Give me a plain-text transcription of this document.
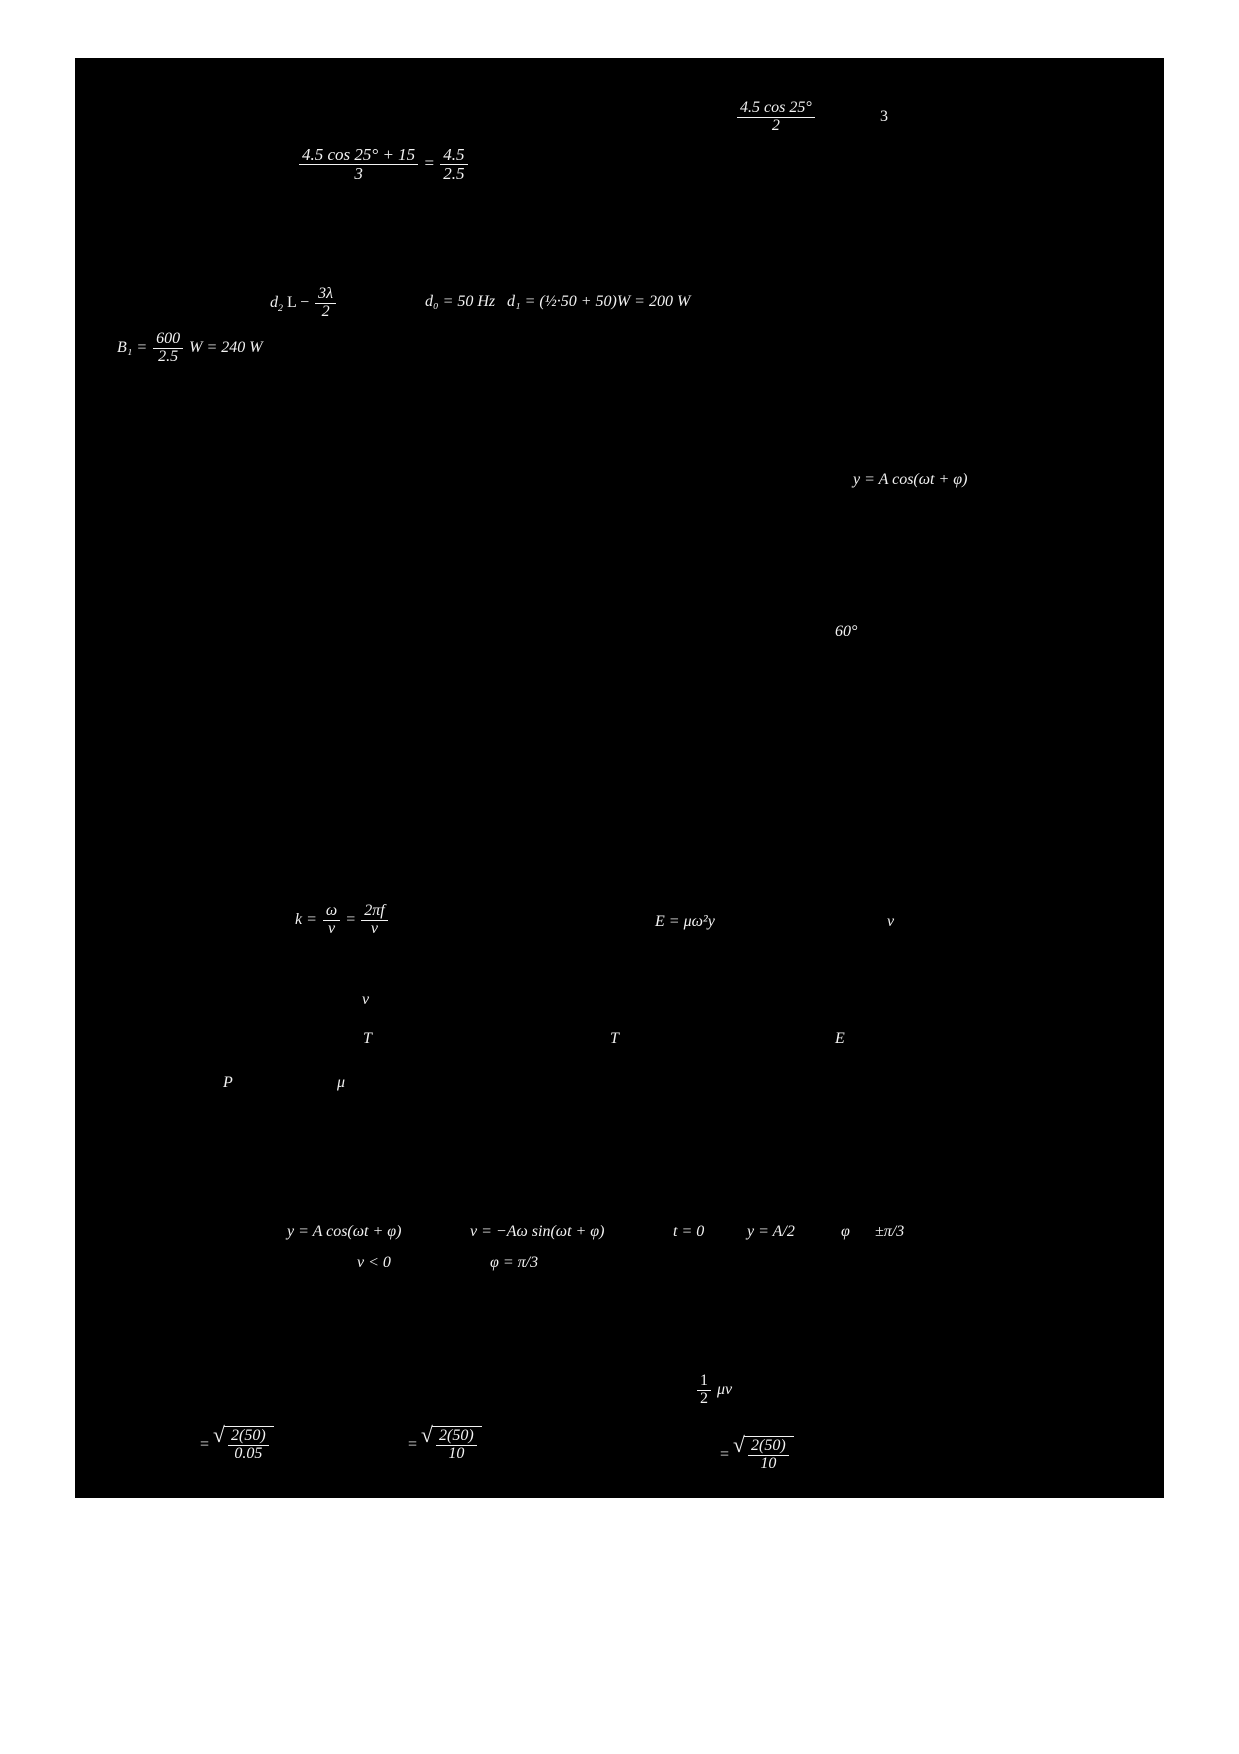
$\frac{4.5 \cos 25^\circ + 15}{3} = \frac{4.5}{2.5}$
$\frac{4.5 \cos 25^\circ}{2}$	3
$d_2$ $L - \frac{3\lambda}{2}$	d₀ = 50 Hz d₁ = (½·50 + 50)W = 200 W
$B_1 = \frac{600}{2.5}$ W = 240 W
y = A cos(ωt + φ)
60°
$k = \frac{\omega}{v} = \frac{2\pi f}{v}$	E = μω²y	v
v
T	T	E
P	μ
y = A cos(ωt + φ)	v = −Aω sin(ωt + φ)	t = 0	y = A/2	φ ±π/3
v < 0	φ = π/3
$\frac{1}{2}$ μv
= √ $\frac{2(50)}{0.05}$	= √ $\frac{2(50)}{10}$	= √ $\frac{2(50)}{10}$
